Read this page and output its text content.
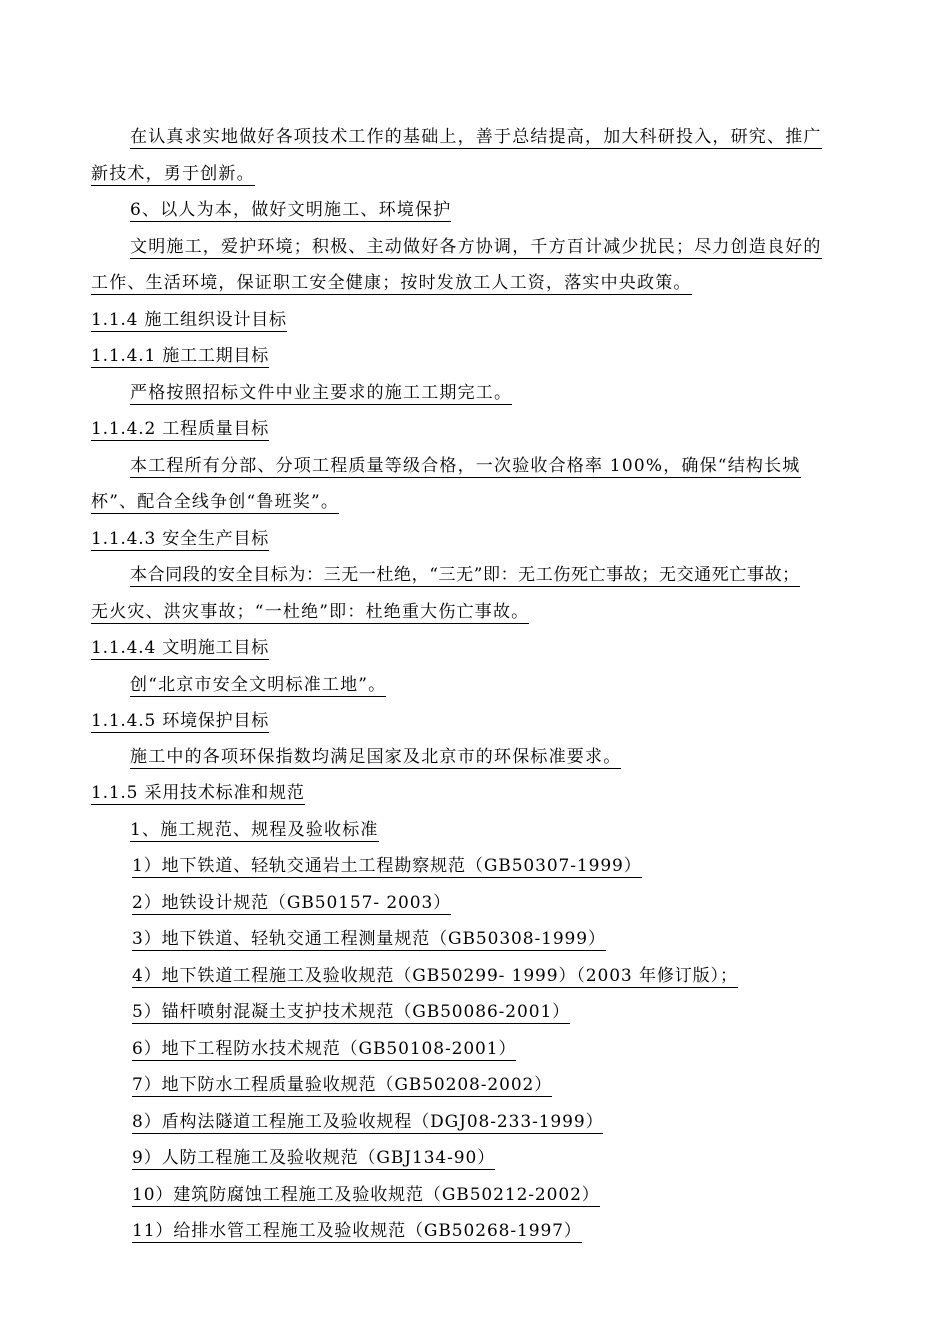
在认真求实地做好各项技术工作的基础上，善于总结提高，加大科研投入，研究、推广
新技术，勇于创新。
6、以人为本，做好文明施工、环境保护
文明施工，爱护环境；积极、主动做好各方协调，千方百计减少扰民；尽力创造良好的
工作、生活环境，保证职工安全健康；按时发放工人工资，落实中央政策。
1.1.4 施工组织设计目标
1.1.4.1 施工工期目标
严格按照招标文件中业主要求的施工工期完工。
1.1.4.2 工程质量目标
本工程所有分部、分项工程质量等级合格，一次验收合格率 100%，确保“结构长城
杯”、配合全线争创“鲁班奖”。
1.1.4.3 安全生产目标
本合同段的安全目标为：三无一杜绝，“三无”即：无工伤死亡事故；无交通死亡事故；
无火灾、洪灾事故；“一杜绝”即：杜绝重大伤亡事故。
1.1.4.4 文明施工目标
创“北京市安全文明标准工地”。
1.1.4.5 环境保护目标
施工中的各项环保指数均满足国家及北京市的环保标准要求。
1.1.5 采用技术标准和规范
1、施工规范、规程及验收标准
1）地下铁道、轻轨交通岩土工程勘察规范（GB50307-1999）
2）地铁设计规范（GB50157- 2003）
3）地下铁道、轻轨交通工程测量规范（GB50308-1999）
4）地下铁道工程施工及验收规范（GB50299- 1999）（2003 年修订版）；
5）锚杆喷射混凝土支护技术规范（GB50086-2001）
6）地下工程防水技术规范（GB50108-2001）
7）地下防水工程质量验收规范（GB50208-2002）
8）盾构法隧道工程施工及验收规程（DGJ08-233-1999）
9）人防工程施工及验收规范（GBJ134-90）
10）建筑防腐蚀工程施工及验收规范（GB50212-2002）
11）给排水管工程施工及验收规范（GB50268-1997）
